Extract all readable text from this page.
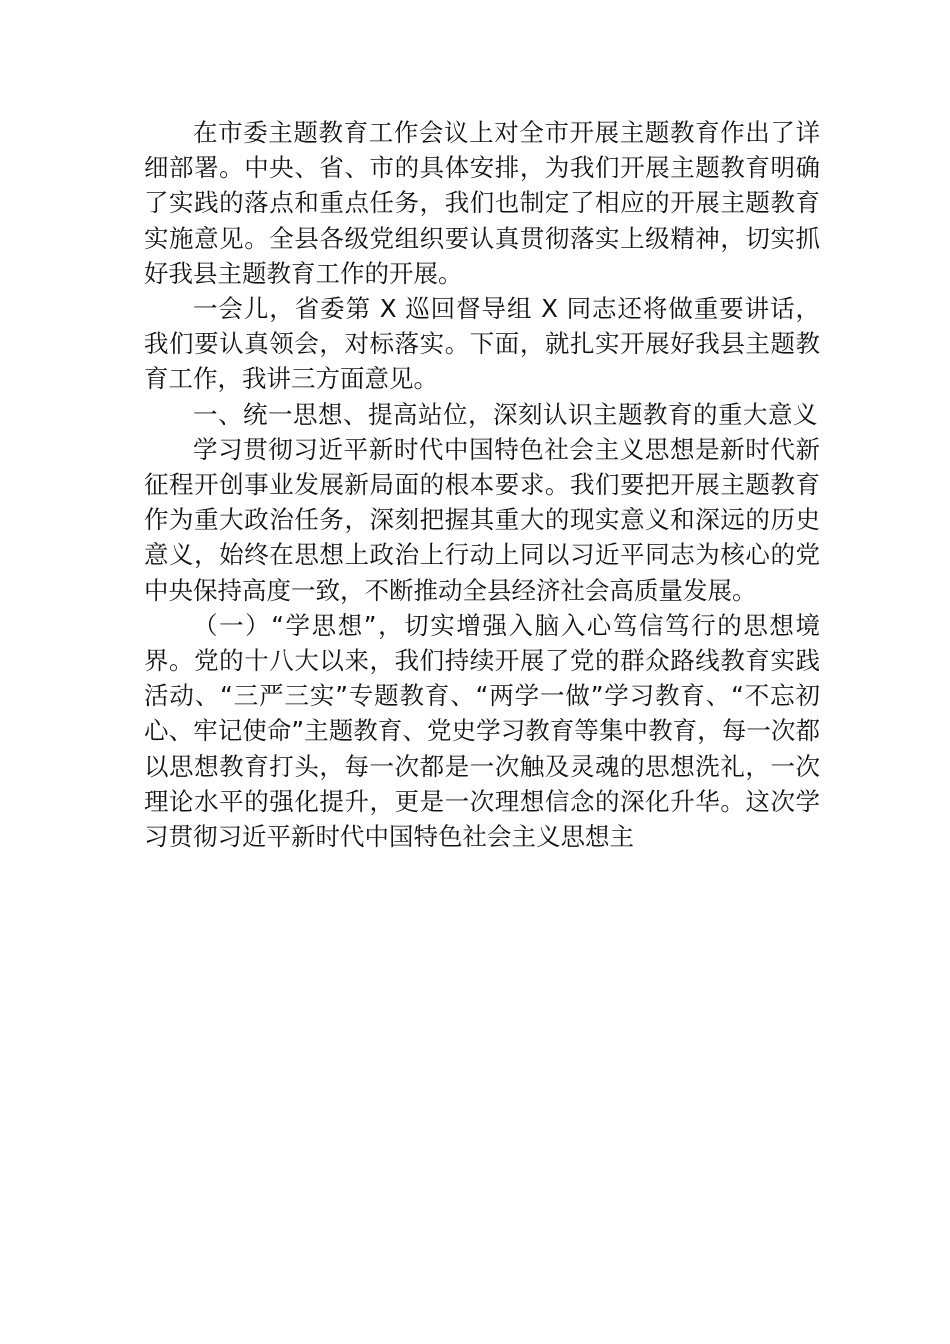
在市委主题教育工作会议上对全市开展主题教育作出了详细部署。中央、省、市的具体安排，为我们开展主题教育明确了实践的落点和重点任务，我们也制定了相应的开展主题教育实施意见。全县各级党组织要认真贯彻落实上级精神，切实抓好我县主题教育工作的开展。

一会儿，省委第 X 巡回督导组 X 同志还将做重要讲话，我们要认真领会，对标落实。下面，就扎实开展好我县主题教育工作，我讲三方面意见。

一、统一思想、提高站位，深刻认识主题教育的重大意义

学习贯彻习近平新时代中国特色社会主义思想是新时代新征程开创事业发展新局面的根本要求。我们要把开展主题教育作为重大政治任务，深刻把握其重大的现实意义和深远的历史意义，始终在思想上政治上行动上同以习近平同志为核心的党中央保持高度一致，不断推动全县经济社会高质量发展。

（一）“学思想”，切实增强入脑入心笃信笃行的思想境界。党的十八大以来，我们持续开展了党的群众路线教育实践活动、“三严三实”专题教育、“两学一做”学习教育、“不忘初心、牢记使命”主题教育、党史学习教育等集中教育，每一次都以思想教育打头，每一次都是一次触及灵魂的思想洗礼，一次理论水平的强化提升，更是一次理想信念的深化升华。这次学习贯彻习近平新时代中国特色社会主义思想主
